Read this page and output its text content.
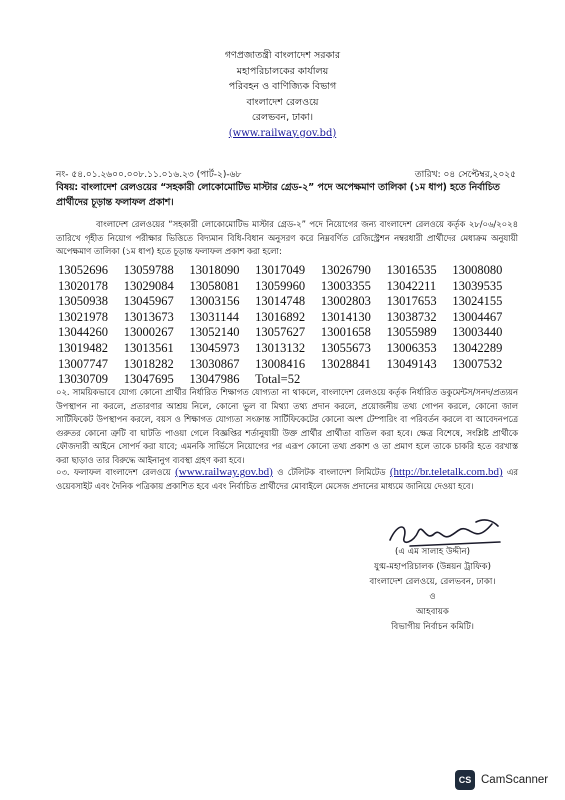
গণপ্রজাতন্ত্রী বাংলাদেশ সরকার
মহাপরিচালকের কার্যালয়
পরিবহন ও বাণিজ্যিক বিভাগ
বাংলাদেশ রেলওয়ে
রেলভবন, ঢাকা।
(www.railway.gov.bd)
নং- ৫৪.০১.২৬০০.০০৮.১১.০১৬.২৩ (পার্ট-২)-৬৮	তারিখ: ০৪ সেপ্টেম্বর,২০২৫
বিষয়: বাংলাদেশ রেলওয়ের “সহকারী লোকোমোটিভ মাস্টার গ্রেড-২” পদে অপেক্ষমাণ তালিকা (১ম ধাপ) হতে নির্বাচিত প্রার্থীদের চূড়ান্ত ফলাফল প্রকাশ।
বাংলাদেশ রেলওয়ের “সহকারী লোকোমোটিভ মাস্টার গ্রেড-২” পদে নিয়োগের জন্য বাংলাদেশ রেলওয়ে কর্তৃক ২৮/০৬/২০২৪ তারিখে গৃহীত নিয়োগ পরীক্ষার ভিত্তিতে বিদ্যমান বিধি-বিধান অনুসরণ করে নিম্নবর্ণিত রেজিস্ট্রেশন নম্বরধারী প্রার্থীদের মেধাক্রম অনুযায়ী অপেক্ষমাণ তালিকা (১ম ধাপ) হতে চূড়ান্ত ফলাফল প্রকাশ করা হলো:
13052696	13059788	13018090	13017049	13026790	13016535	13008080
13020178	13029084	13058081	13059960	13003355	13042211	13039535
13050938	13045967	13003156	13014748	13002803	13017653	13024155
13021978	13013673	13031144	13016892	13014130	13038732	13004467
13044260	13000267	13052140	13057627	13001658	13055989	13003440
13019482	13013561	13045973	13013132	13055673	13006353	13042289
13007747	13018282	13030867	13008416	13028841	13049143	13007532
13030709	13047695	13047986	Total=52
০২. সাময়িকভাবে যোগ্য কোনো প্রার্থীর নির্ধারিত শিক্ষাগত যোগ্যতা না থাকলে, বাংলাদেশ রেলওয়ে কর্তৃক নির্ধারিত ডকুমেন্টস/সনদ/প্রত্যয়ন উপস্থাপন না করলে, প্রতারণার আশ্রয় নিলে, কোনো ভুল বা মিথ্যা তথ্য প্রদান করলে, প্রয়োজনীয় তথ্য গোপন করলে, কোনো জাল সার্টিফিকেট উপস্থাপন করলে, বয়স ও শিক্ষাগত যোগ্যতা সংক্রান্ত সার্টিফিকেটের কোনো অংশ টেম্পারিং বা পরিবর্তন করলে বা আবেদনপত্রে গুরুতর কোনো ত্রুটি বা ঘাটতি পাওয়া গেলে বিজ্ঞপ্তির শর্তানুযায়ী উক্ত প্রার্থীর প্রার্থীতা বাতিল করা হবে। ক্ষেত্র বিশেষে, সংশ্লিষ্ট প্রার্থীকে ফৌজদারী আইনে সোপর্দ করা যাবে; এমনকি সার্ভিসে নিয়োগের পর এরূপ কোনো তথ্য প্রকাশ ও তা প্রমাণ হলে তাকে চাকরি হতে বরখাস্ত করা ছাড়াও তার বিরুদ্ধে আইনানুগ ব্যবস্থা গ্রহণ করা হবে।
০৩. ফলাফল বাংলাদেশ রেলওয়ে (www.railway.gov.bd) ও টেলিটক বাংলাদেশ লিমিটেড (http://br.teletalk.com.bd) এর ওয়েবসাইট এবং দৈনিক পত্রিকায় প্রকাশিত হবে এবং নির্বাচিত প্রার্থীদের মোবাইলে মেসেজ প্রদানের মাধ্যমে জানিয়ে দেওয়া হবে।
(এ এম সালাহ উদ্দীন)
যুগ্ম-মহাপরিচালক (উন্নয়ন ট্রাফিক)
বাংলাদেশ রেলওয়ে, রেলভবন, ঢাকা।
ও
আহবায়ক
বিভাগীয় নির্বাচন কমিটি।
CS CamScanner
